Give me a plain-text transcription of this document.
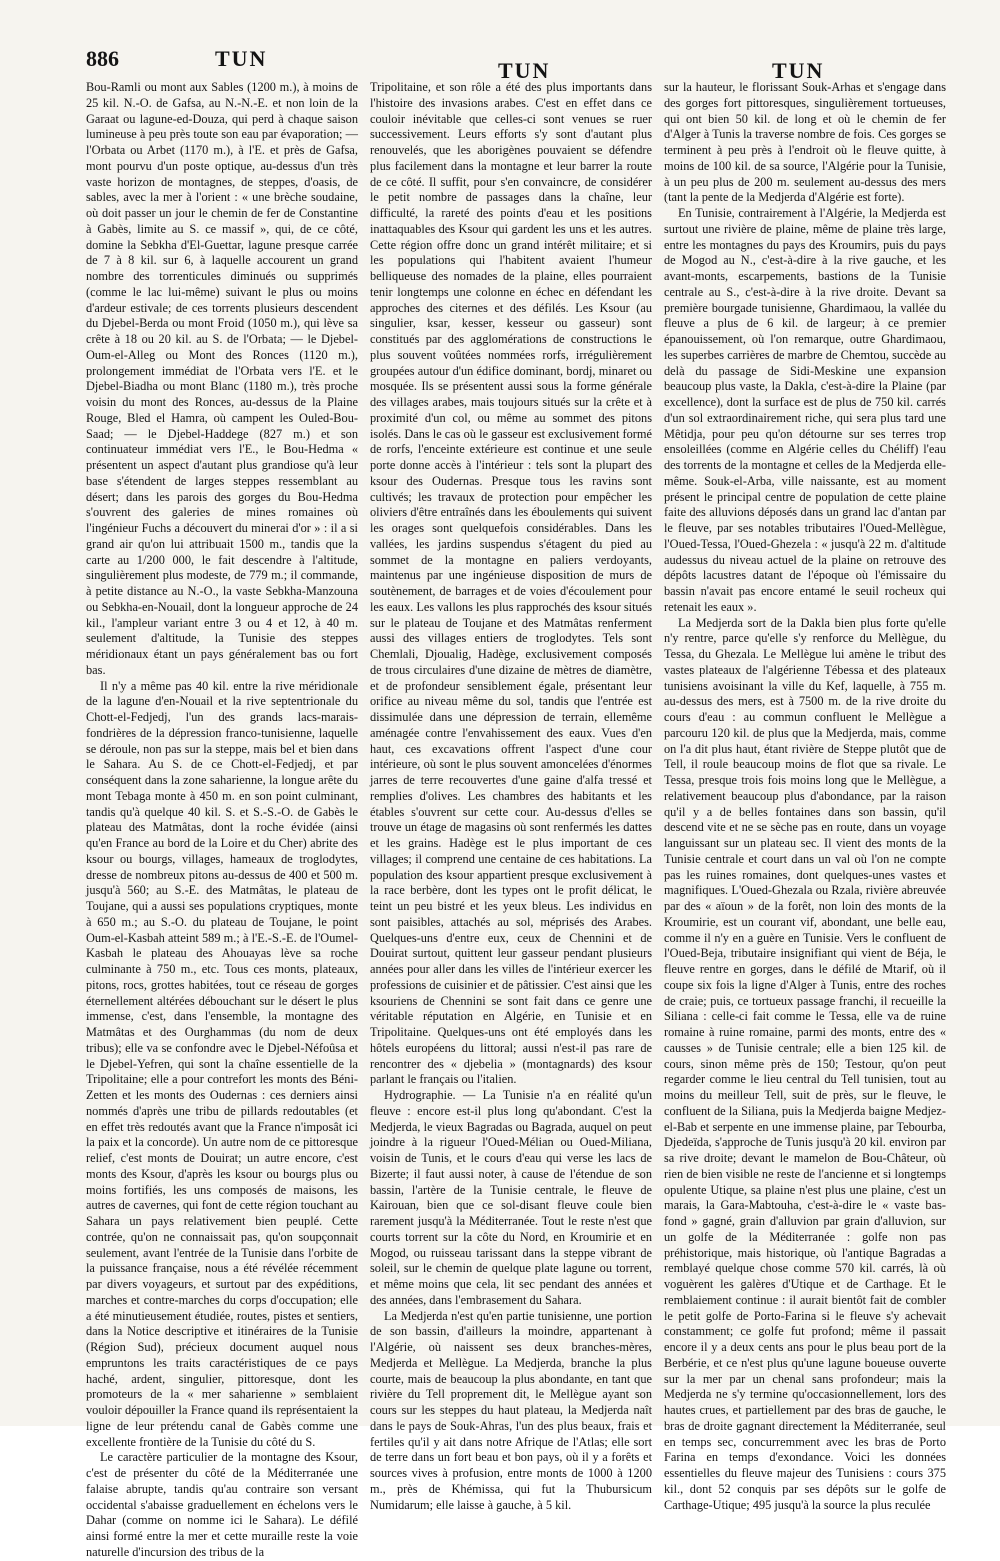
886	TUN	TUN	TUN

Bou-Ramli ou mont aux Sables (1200 m.), à moins de 25 kil. N.-O. de Gafsa, au N.-N.-E. et non loin de la Garaat ou lagune-ed-Douza, qui perd à chaque saison lumineuse à peu près toute son eau par évaporation; — l'Orbata ou Arbet (1170 m.), à l'E. et près de Gafsa, mont pourvu d'un poste optique, au-dessus d'un très vaste horizon de montagnes, de steppes, d'oasis, de sables, avec la mer à l'orient : « une brèche soudaine, où doit passer un jour le chemin de fer de Constantine à Gabès, limite au S. ce massif », qui, de ce côté, domine la Sebkha d'El-Guettar, lagune presque carrée de 7 à 8 kil. sur 6, à laquelle accourent un grand nombre des torrenticules diminués ou supprimés (comme le lac lui-même) suivant le plus ou moins d'ardeur estivale; de ces torrents plusieurs descendent du Djebel-Berda ou mont Froid (1050 m.), qui lève sa crête à 18 ou 20 kil. au S. de l'Orbata; — le Djebel-Oum-el-Alleg ou Mont des Ronces (1120 m.), prolongement immédiat de l'Orbata vers l'E. et le Djebel-Biadha ou mont Blanc (1180 m.), très proche voisin du mont des Ronces, au-dessus de la Plaine Rouge, Bled el Hamra, où campent les Ouled-Bou-Saad; — le Djebel-Haddege (827 m.) et son continuateur immédiat vers l'E., le Bou-Hedma « présentent un aspect d'autant plus grandiose qu'à leur base s'étendent de larges steppes ressemblant au désert; dans les parois des gorges du Bou-Hedma s'ouvrent des galeries de mines romaines où l'ingénieur Fuchs a découvert du minerai d'or » : il a si grand air qu'on lui attribuait 1500 m., tandis que la carte au 1/200 000, le fait descendre à l'altitude, singulièrement plus modeste, de 779 m.; il commande, à petite distance au N.-O., la vaste Sebkha-Manzouna ou Sebkha-en-Nouail, dont la longueur approche de 24 kil., l'ampleur variant entre 3 ou 4 et 12, à 40 m. seulement d'altitude, la Tunisie des steppes méridionaux étant un pays généralement bas ou fort bas.

Il n'y a même pas 40 kil. entre la rive méridionale de la lagune d'en-Nouail et la rive septentrionale du Chott-el-Fedjedj, l'un des grands lacs-marais-fondrières de la dépression franco-tunisienne, laquelle se déroule, non pas sur la steppe, mais bel et bien dans le Sahara. Au S. de ce Chott-el-Fedjedj, et par conséquent dans la zone saharienne, la longue arête du mont Tebaga monte à 450 m. en son point culminant, tandis qu'à quelque 40 kil. S. et S.-S.-O. de Gabès le plateau des Matmâtas, dont la roche évidée (ainsi qu'en France au bord de la Loire et du Cher) abrite des ksour ou bourgs, villages, hameaux de troglodytes, dresse de nombreux pitons au-dessus de 400 et 500 m. jusqu'à 560; au S.-E. des Matmâtas, le plateau de Toujane, qui a aussi ses populations cryptiques, monte à 650 m.; au S.-O. du plateau de Toujane, le point Oum-el-Kasbah atteint 589 m.; à l'E.-S.-E. de l'Oumel-Kasbah le plateau des Ahouayas lève sa roche culminante à 750 m., etc. Tous ces monts, plateaux, pitons, rocs, grottes habitées, tout ce réseau de gorges éternellement altérées débouchant sur le désert le plus immense, c'est, dans l'ensemble, la montagne des Matmâtas et des Ourghammas (du nom de deux tribus); elle va se confondre avec le Djebel-Néfoûsa et le Djebel-Yefren, qui sont la chaîne essentielle de la Tripolitaine; elle a pour contrefort les monts des Béni-Zetten et les monts des Oudernas : ces derniers ainsi nommés d'après une tribu de pillards redoutables (et en effet très redoutés avant que la France n'imposât ici la paix et la concorde). Un autre nom de ce pittoresque relief, c'est monts de Douirat; un autre encore, c'est monts des Ksour, d'après les ksour ou bourgs plus ou moins fortifiés, les uns composés de maisons, les autres de cavernes, qui font de cette région touchant au Sahara un pays relativement bien peuplé. Cette contrée, qu'on ne connaissait pas, qu'on soupçonnait seulement, avant l'entrée de la Tunisie dans l'orbite de la puissance française, nous a été révélée récemment par divers voyageurs, et surtout par des expéditions, marches et contre-marches du corps d'occupation; elle a été minutieusement étudiée, routes, pistes et sentiers, dans la Notice descriptive et itinéraires de la Tunisie (Région Sud), précieux document auquel nous empruntons les traits caractéristiques de ce pays haché, ardent, singulier, pittoresque, dont les promoteurs de la « mer saharienne » semblaient vouloir dépouiller la France quand ils représentaient la ligne de leur prétendu canal de Gabès comme une excellente frontière de la Tunisie du côté du S.

Le caractère particulier de la montagne des Ksour, c'est de présenter du côté de la Méditerranée une falaise abrupte, tandis qu'au contraire son versant occidental s'abaisse graduellement en échelons vers le Dahar (comme on nomme ici le Sahara). Le défilé ainsi formé entre la mer et cette muraille reste la voie naturelle d'incursion des tribus de la

Tripolitaine, et son rôle a été des plus importants dans l'histoire des invasions arabes. C'est en effet dans ce couloir inévitable que celles-ci sont venues se ruer successivement. Leurs efforts s'y sont d'autant plus renouvelés, que les aborigènes pouvaient se défendre plus facilement dans la montagne et leur barrer la route de ce côté. Il suffit, pour s'en convaincre, de considérer le petit nombre de passages dans la chaîne, leur difficulté, la rareté des points d'eau et les positions inattaquables des Ksour qui gardent les uns et les autres. Cette région offre donc un grand intérêt militaire; et si les populations qui l'habitent avaient l'humeur belliqueuse des nomades de la plaine, elles pourraient tenir longtemps une colonne en échec en défendant les approches des citernes et des défilés. Les Ksour (au singulier, ksar, kesser, kesseur ou gasseur) sont constitués par des agglomérations de constructions le plus souvent voûtées nommées rorfs, irrégulièrement groupées autour d'un édifice dominant, bordj, minaret ou mosquée. Ils se présentent aussi sous la forme générale des villages arabes, mais toujours situés sur la crête et à proximité d'un col, ou même au sommet des pitons isolés. Dans le cas où le gasseur est exclusivement formé de rorfs, l'enceinte extérieure est continue et une seule porte donne accès à l'intérieur : tels sont la plupart des ksour des Oudernas. Presque tous les ravins sont cultivés; les travaux de protection pour empêcher les oliviers d'être entraînés dans les éboulements qui suivent les orages sont quelquefois considérables. Dans les vallées, les jardins suspendus s'étagent du pied au sommet de la montagne en paliers verdoyants, maintenus par une ingénieuse disposition de murs de soutènement, de barrages et de voies d'écoulement pour les eaux. Les vallons les plus rapprochés des ksour situés sur le plateau de Toujane et des Matmâtas renferment aussi des villages entiers de troglodytes. Tels sont Chemlali, Djoualig, Hadège, exclusivement composés de trous circulaires d'une dizaine de mètres de diamètre, et de profondeur sensiblement égale, présentant leur orifice au niveau même du sol, tandis que l'entrée est dissimulée dans une dépression de terrain, ellemême aménagée contre l'envahissement des eaux. Vues d'en haut, ces excavations offrent l'aspect d'une cour intérieure, où sont le plus souvent amoncelées d'énormes jarres de terre recouvertes d'une gaine d'alfa tressé et remplies d'olives. Les chambres des habitants et les étables s'ouvrent sur cette cour. Au-dessus d'elles se trouve un étage de magasins où sont renfermés les dattes et les grains. Hadège est le plus important de ces villages; il comprend une centaine de ces habitations. La population des ksour appartient presque exclusivement à la race berbère, dont les types ont le profit délicat, le teint un peu bistré et les yeux bleus. Les individus en sont paisibles, attachés au sol, méprisés des Arabes. Quelques-uns d'entre eux, ceux de Chennini et de Douirat surtout, quittent leur gasseur pendant plusieurs années pour aller dans les villes de l'intérieur exercer les professions de cuisinier et de pâtissier. C'est ainsi que les ksouriens de Chennini se sont fait dans ce genre une véritable réputation en Algérie, en Tunisie et en Tripolitaine. Quelques-uns ont été employés dans les hôtels européens du littoral; aussi n'est-il pas rare de rencontrer des « djebelia » (montagnards) des ksour parlant le français ou l'italien.

Hydrographie. — La Tunisie n'a en réalité qu'un fleuve : encore est-il plus long qu'abondant. C'est la Medjerda, le vieux Bagradas ou Bagrada, auquel on peut joindre à la rigueur l'Oued-Mélian ou Oued-Miliana, voisin de Tunis, et le cours d'eau qui verse les lacs de Bizerte; il faut aussi noter, à cause de l'étendue de son bassin, l'artère de la Tunisie centrale, le fleuve de Kairouan, bien que ce sol-disant fleuve coule bien rarement jusqu'à la Méditerranée. Tout le reste n'est que courts torrent sur la côte du Nord, en Kroumirie et en Mogod, ou ruisseau tarissant dans la steppe vibrant de soleil, sur le chemin de quelque plate lagune ou torrent, et même moins que cela, lit sec pendant des années et des années, dans l'embrasement du Sahara.

La Medjerda n'est qu'en partie tunisienne, une portion de son bassin, d'ailleurs la moindre, appartenant à l'Algérie, où naissent ses deux branches-mères, Medjerda et Mellègue. La Medjerda, branche la plus courte, mais de beaucoup la plus abondante, en tant que rivière du Tell proprement dit, le Mellègue ayant son cours sur les steppes du haut plateau, la Medjerda naît dans le pays de Souk-Ahras, l'un des plus beaux, frais et fertiles qu'il y ait dans notre Afrique de l'Atlas; elle sort de terre dans un fort beau et bon pays, où il y a forêts et sources vives à profusion, entre monts de 1000 à 1200 m., près de Khémissa, qui fut la Thubursicum Numidarum; elle laisse à gauche, à 5 kil.

sur la hauteur, le florissant Souk-Arhas et s'engage dans des gorges fort pittoresques, singulièrement tortueuses, qui ont bien 50 kil. de long et où le chemin de fer d'Alger à Tunis la traverse nombre de fois. Ces gorges se terminent à peu près à l'endroit où le fleuve quitte, à moins de 100 kil. de sa source, l'Algérie pour la Tunisie, à un peu plus de 200 m. seulement au-dessus des mers (tant la pente de la Medjerda d'Algérie est forte).

En Tunisie, contrairement à l'Algérie, la Medjerda est surtout une rivière de plaine, même de plaine très large, entre les montagnes du pays des Kroumirs, puis du pays de Mogod au N., c'est-à-dire à la rive gauche, et les avant-monts, escarpements, bastions de la Tunisie centrale au S., c'est-à-dire à la rive droite. Devant sa première bourgade tunisienne, Ghardimaou, la vallée du fleuve a plus de 6 kil. de largeur; à ce premier épanouissement, où l'on remarque, outre Ghardimaou, les superbes carrières de marbre de Chemtou, succède au delà du passage de Sidi-Meskine une expansion beaucoup plus vaste, la Dakla, c'est-à-dire la Plaine (par excellence), dont la surface est de plus de 750 kil. carrés d'un sol extraordinairement riche, qui sera plus tard une Mêtidja, pour peu qu'on détourne sur ses terres trop ensoleillées (comme en Algérie celles du Chéliff) l'eau des torrents de la montagne et celles de la Medjerda elle-même. Souk-el-Arba, ville naissante, est au moment présent le principal centre de population de cette plaine faite des alluvions déposés dans un grand lac d'antan par le fleuve, par ses notables tributaires l'Oued-Mellègue, l'Oued-Tessa, l'Oued-Ghezela : « jusqu'à 22 m. d'altitude audessus du niveau actuel de la plaine on retrouve des dépôts lacustres datant de l'époque où l'émissaire du bassin n'avait pas encore entamé le seuil rocheux qui retenait les eaux ».

La Medjerda sort de la Dakla bien plus forte qu'elle n'y rentre, parce qu'elle s'y renforce du Mellègue, du Tessa, du Ghezala. Le Mellègue lui amène le tribut des vastes plateaux de l'algérienne Tébessa et des plateaux tunisiens avoisinant la ville du Kef, laquelle, à 755 m. au-dessus des mers, est à 7500 m. de la rive droite du cours d'eau : au commun confluent le Mellègue a parcouru 120 kil. de plus que la Medjerda, mais, comme on l'a dit plus haut, étant rivière de Steppe plutôt que de Tell, il roule beaucoup moins de flot que sa rivale. Le Tessa, presque trois fois moins long que le Mellègue, a relativement beaucoup plus d'abondance, par la raison qu'il y a de belles fontaines dans son bassin, qu'il descend vite et ne se sèche pas en route, dans un voyage languissant sur un plateau sec. Il vient des monts de la Tunisie centrale et court dans un val où l'on ne compte pas les ruines romaines, dont quelques-unes vastes et magnifiques. L'Oued-Ghezala ou Rzala, rivière abreuvée par des « aïoun » de la forêt, non loin des monts de la Kroumirie, est un courant vif, abondant, une belle eau, comme il n'y en a guère en Tunisie. Vers le confluent de l'Oued-Beja, tributaire insignifiant qui vient de Béja, le fleuve rentre en gorges, dans le défilé de Mtarif, où il coupe six fois la ligne d'Alger à Tunis, entre des roches de craie; puis, ce tortueux passage franchi, il recueille la Siliana : celle-ci fait comme le Tessa, elle va de ruine romaine à ruine romaine, parmi des monts, entre des « causses » de Tunisie centrale; elle a bien 125 kil. de cours, sinon même près de 150; Testour, qu'on peut regarder comme le lieu central du Tell tunisien, tout au moins du meilleur Tell, suit de près, sur le fleuve, le confluent de la Siliana, puis la Medjerda baigne Medjez-el-Bab et serpente en une immense plaine, par Tebourba, Djedeïda, s'approche de Tunis jusqu'à 20 kil. environ par sa rive droite; devant le mamelon de Bou-Châteur, où rien de bien visible ne reste de l'ancienne et si longtemps opulente Utique, sa plaine n'est plus une plaine, c'est un marais, la Gara-Mabtouha, c'est-à-dire le « vaste bas-fond » gagné, grain d'alluvion par grain d'alluvion, sur un golfe de la Méditerranée : golfe non pas préhistorique, mais historique, où l'antique Bagradas a remblayé quelque chose comme 570 kil. carrés, là où voguèrent les galères d'Utique et de Carthage. Et le remblaiement continue : il aurait bientôt fait de combler le petit golfe de Porto-Farina si le fleuve s'y achevait constamment; ce golfe fut profond; même il passait encore il y a deux cents ans pour le plus beau port de la Berbérie, et ce n'est plus qu'une lagune boueuse ouverte sur la mer par un chenal sans profondeur; mais la Medjerda ne s'y termine qu'occasionnellement, lors des hautes crues, et partiellement par des bras de gauche, le bras de droite gagnant directement la Méditerranée, seul en temps sec, concurremment avec les bras de Porto Farina en temps d'exondance. Voici les données essentielles du fleuve majeur des Tunisiens : cours 375 kil., dont 52 conquis par ses dépôts sur le golfe de Carthage-Utique; 495 jusqu'à la source la plus reculée
